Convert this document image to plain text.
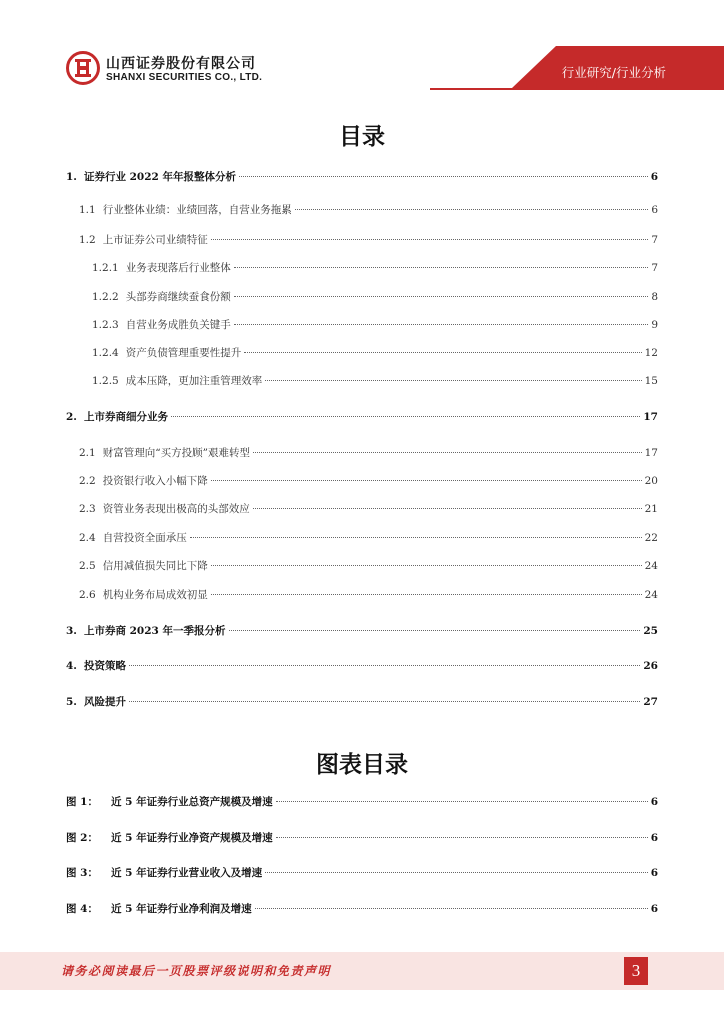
山西证券股份有限公司
SHANXI SECURITIES CO., LTD.	行业研究/行业分析
目录
1. 证券行业 2022 年年报整体分析	6
1.1 行业整体业绩：业绩回落，自营业务拖累	6
1.2 上市证券公司业绩特征	7
1.2.1 业务表现落后行业整体	7
1.2.2 头部券商继续蚕食份额	8
1.2.3 自营业务成胜负关键手	9
1.2.4 资产负债管理重要性提升	12
1.2.5 成本压降，更加注重管理效率	15
2. 上市券商细分业务	17
2.1 财富管理向“买方投顾”艰难转型	17
2.2 投资银行收入小幅下降	20
2.3 资管业务表现出极高的头部效应	21
2.4 自营投资全面承压	22
2.5 信用减值损失同比下降	24
2.6 机构业务布局成效初显	24
3. 上市券商 2023 年一季报分析	25
4. 投资策略	26
5. 风险提升	27
图表目录
图 1： 近 5 年证券行业总资产规模及增速	6
图 2： 近 5 年证券行业净资产规模及增速	6
图 3： 近 5 年证券行业营业收入及增速	6
图 4： 近 5 年证券行业净利润及增速	6
请务必阅读最后一页股票评级说明和免责声明	3
